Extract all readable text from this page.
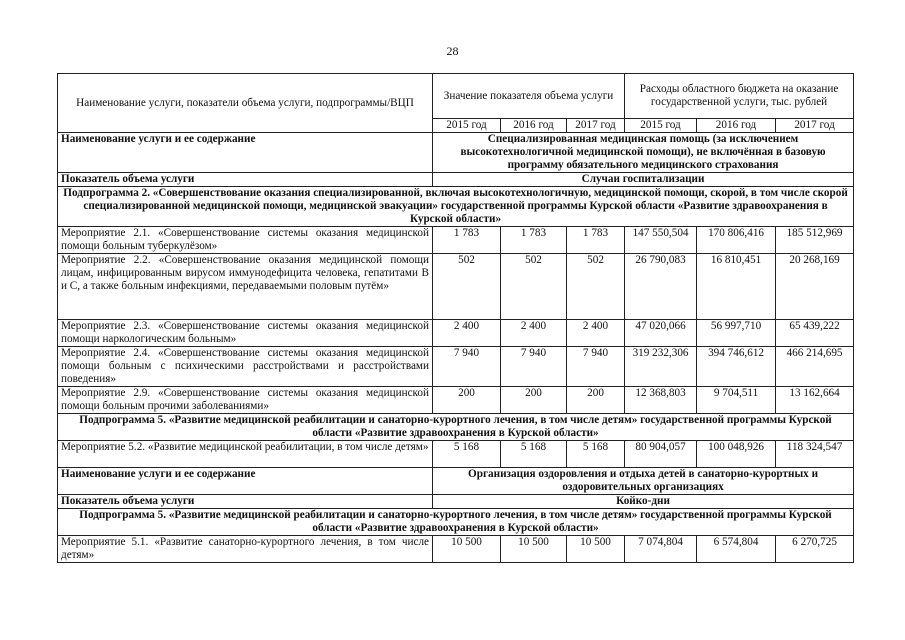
28
Наименование услуги, показатели объема услуги, подпрограммы/ВЦП	Значение показателя объема услуги			Расходы областного бюджета на оказание государственной услуги, тыс. рублей		
	2015 год	2016 год	2017 год	2015 год	2016 год	2017 год
Наименование услуги и ее содержание	Специализированная медицинская помощь (за исключением высокотехнологичной медицинской помощи), не включённая в базовую программу обязательного медицинского страхования					
Показатель объема услуги	Случаи госпитализации					
Подпрограмма 2. «Совершенствование оказания специализированной, включая высокотехнологичную, медицинской помощи, скорой, в том числе скорой специализированной медицинской помощи, медицинской эвакуации» государственной программы Курской области «Развитие здравоохранения в Курской области»						
Мероприятие 2.1. «Совершенствование системы оказания медицинской помощи больным туберкулёзом»	1 783	1 783	1 783	147 550,504	170 806,416	185 512,969
Мероприятие 2.2. «Совершенствование оказания медицинской помощи лицам, инфицированным вирусом иммунодефицита человека, гепатитами B и C, а также больным инфекциями, передаваемыми половым путём»	502	502	502	26 790,083	16 810,451	20 268,169
Мероприятие 2.3. «Совершенствование системы оказания медицинской помощи наркологическим больным»	2 400	2 400	2 400	47 020,066	56 997,710	65 439,222
Мероприятие 2.4. «Совершенствование системы оказания медицинской помощи больным с психическими расстройствами и расстройствами поведения»	7 940	7 940	7 940	319 232,306	394 746,612	466 214,695
Мероприятие 2.9. «Совершенствование системы оказания медицинской помощи больным прочими заболеваниями»	200	200	200	12 368,803	9 704,511	13 162,664
Подпрограмма 5. «Развитие медицинской реабилитации и санаторно-курортного лечения, в том числе детям» государственной программы Курской области «Развитие здравоохранения в Курской области»						
Мероприятие 5.2. «Развитие медицинской реабилитации, в том числе детям»	5 168	5 168	5 168	80 904,057	100 048,926	118 324,547
Наименование услуги и ее содержание	Организация оздоровления и отдыха детей в санаторно-курортных и оздоровительных организациях					
Показатель объема услуги	Койко-дни					
Подпрограмма 5. «Развитие медицинской реабилитации и санаторно-курортного лечения, в том числе детям» государственной программы Курской области «Развитие здравоохранения в Курской области»						
Мероприятие 5.1. «Развитие санаторно-курортного лечения, в том числе детям»	10 500	10 500	10 500	7 074,804	6 574,804	6 270,725
